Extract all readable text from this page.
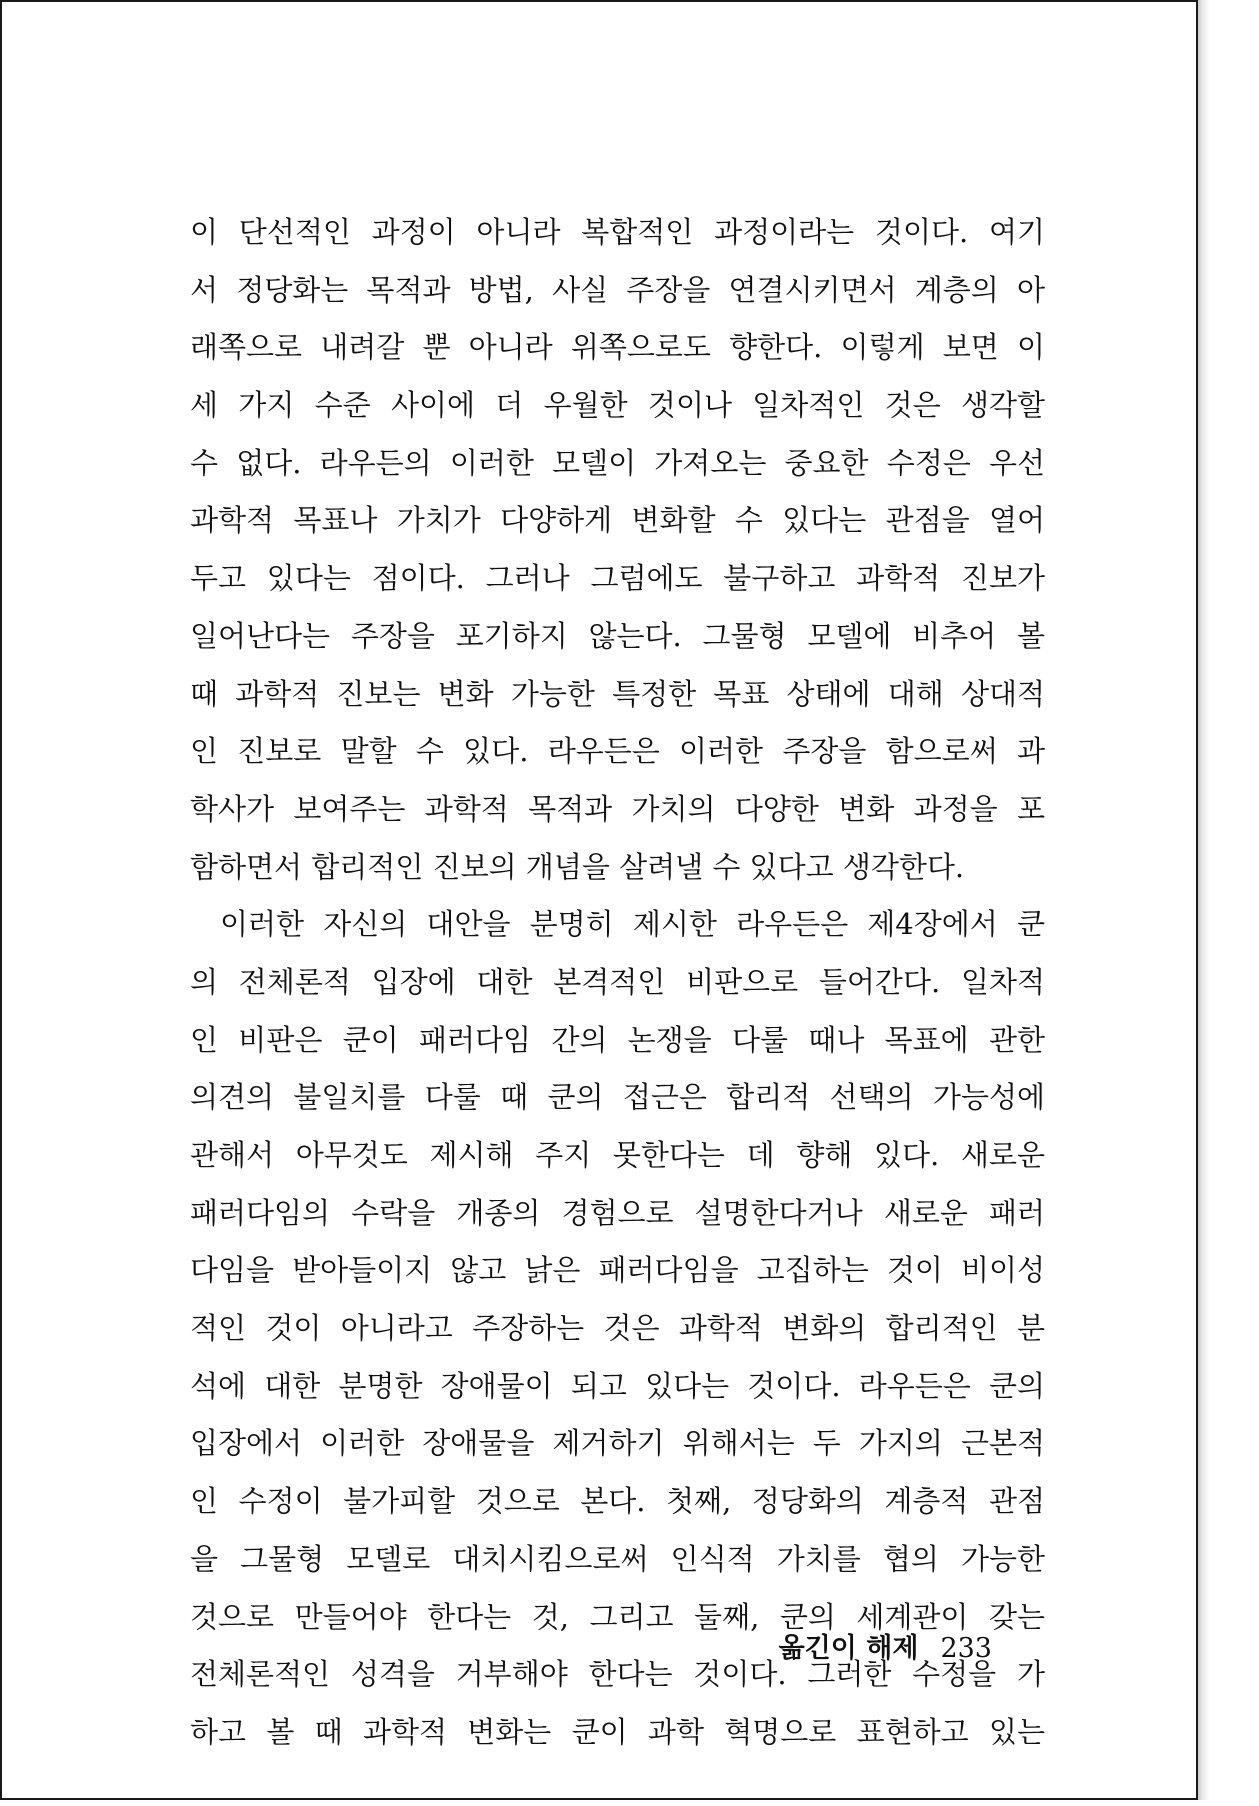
이 단선적인 과정이 아니라 복합적인 과정이라는 것이다. 여기
서 정당화는 목적과 방법, 사실 주장을 연결시키면서 계층의 아
래쪽으로 내려갈 뿐 아니라 위쪽으로도 향한다. 이렇게 보면 이
세 가지 수준 사이에 더 우월한 것이나 일차적인 것은 생각할
수 없다. 라우든의 이러한 모델이 가져오는 중요한 수정은 우선
과학적 목표나 가치가 다양하게 변화할 수 있다는 관점을 열어
두고 있다는 점이다. 그러나 그럼에도 불구하고 과학적 진보가
일어난다는 주장을 포기하지 않는다. 그물형 모델에 비추어 볼
때 과학적 진보는 변화 가능한 특정한 목표 상태에 대해 상대적
인 진보로 말할 수 있다. 라우든은 이러한 주장을 함으로써 과
학사가 보여주는 과학적 목적과 가치의 다양한 변화 과정을 포
함하면서 합리적인 진보의 개념을 살려낼 수 있다고 생각한다.
이러한 자신의 대안을 분명히 제시한 라우든은 제4장에서 쿤
의 전체론적 입장에 대한 본격적인 비판으로 들어간다. 일차적
인 비판은 쿤이 패러다임 간의 논쟁을 다룰 때나 목표에 관한
의견의 불일치를 다룰 때 쿤의 접근은 합리적 선택의 가능성에
관해서 아무것도 제시해 주지 못한다는 데 향해 있다. 새로운
패러다임의 수락을 개종의 경험으로 설명한다거나 새로운 패러
다임을 받아들이지 않고 낡은 패러다임을 고집하는 것이 비이성
적인 것이 아니라고 주장하는 것은 과학적 변화의 합리적인 분
석에 대한 분명한 장애물이 되고 있다는 것이다. 라우든은 쿤의
입장에서 이러한 장애물을 제거하기 위해서는 두 가지의 근본적
인 수정이 불가피할 것으로 본다. 첫째, 정당화의 계층적 관점
을 그물형 모델로 대치시킴으로써 인식적 가치를 협의 가능한
것으로 만들어야 한다는 것, 그리고 둘째, 쿤의 세계관이 갖는
전체론적인 성격을 거부해야 한다는 것이다. 그러한 수정을 가
하고 볼 때 과학적 변화는 쿤이 과학 혁명으로 표현하고 있는
옮긴이 해제 233
